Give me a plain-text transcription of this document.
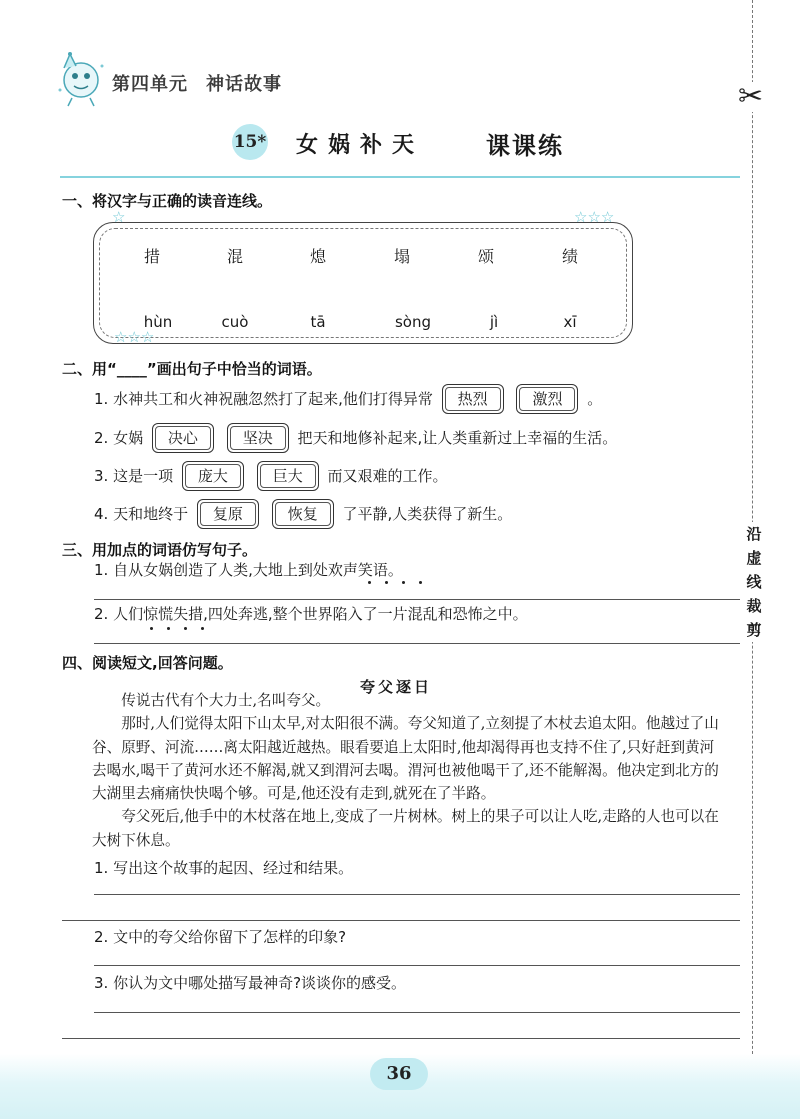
✂
沿
虚
线
裁
剪
第四单元 神话故事
15* 女娲补天	课课练
一、将汉字与正确的读音连线。
☆	☆☆☆
☆☆☆
措	混	熄	塌	颂	绩
hùn	cuò	tā	sòng	jì	xī
二、用“____”画出句子中恰当的词语。
1. 水神共工和火神祝融忽然打了起来,他们打得异常	热烈
	激烈	。
2. 女娲	决心
	坚决	把天和地修补起来,让人类重新过上幸福的生活。
3. 这是一项	庞大
	巨大	而又艰难的工作。
4. 天和地终于	复原
	恢复	了平静,人类获得了新生。
三、用加点的词语仿写句子。
1. 自从女娲创造了人类,大地上到处欢声笑语。
2. 人们惊慌失措,四处奔逃,整个世界陷入了一片混乱和恐怖之中。
四、阅读短文,回答问题。
夸父逐日

传说古代有个大力士,名叫夸父。

那时,人们觉得太阳下山太早,对太阳很不满。夸父知道了,立刻提了木杖去追太阳。他越过了山谷、原野、河流……离太阳越近越热。眼看要追上太阳时,他却渴得再也支持不住了,只好赶到黄河去喝水,喝干了黄河水还不解渴,就又到渭河去喝。渭河也被他喝干了,还不能解渴。他决定到北方的大湖里去痛痛快快喝个够。可是,他还没有走到,就死在了半路。

夸父死后,他手中的木杖落在地上,变成了一片树林。树上的果子可以让人吃,走路的人也可以在大树下休息。

1. 写出这个故事的起因、经过和结果。
2. 文中的夸父给你留下了怎样的印象?
3. 你认为文中哪处描写最神奇?谈谈你的感受。
36
